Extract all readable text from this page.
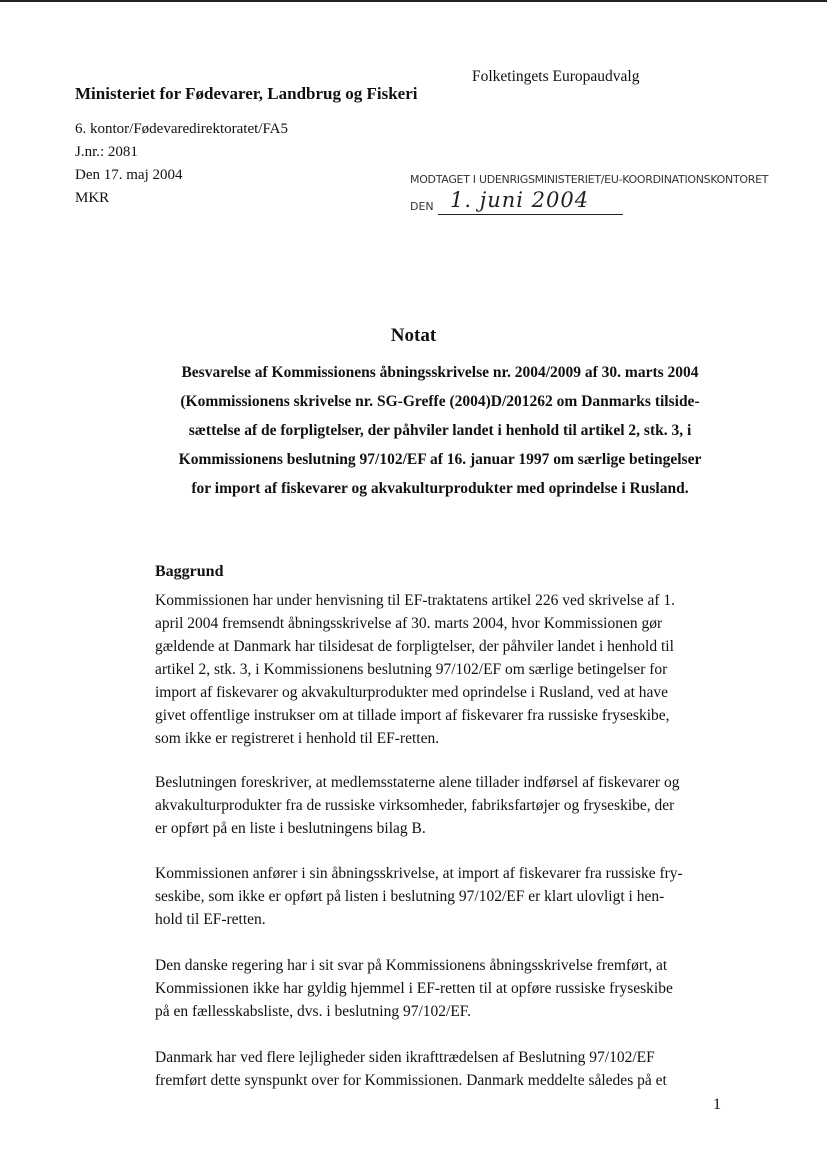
Ministeriet for Fødevarer, Landbrug og Fiskeri
Folketingets Europaudvalg
6. kontor/Fødevaredirektoratet/FA5
J.nr.: 2081
Den 17. maj 2004
MKR
MODTAGET I UDENRIGSMINISTERIET/EU-KOORDINATIONSKONTORET
DEN 1. juni 2004
Notat
Besvarelse af Kommissionens åbningsskrivelse nr. 2004/2009 af 30. marts 2004
(Kommissionens skrivelse nr. SG-Greffe (2004)D/201262 om Danmarks tilside-
sættelse af de forpligtelser, der påhviler landet i henhold til artikel 2, stk. 3, i
Kommissionens beslutning 97/102/EF af 16. januar 1997 om særlige betingelser
for import af fiskevarer og akvakulturprodukter med oprindelse i Rusland.
Baggrund
Kommissionen har under henvisning til EF-traktatens artikel 226 ved skrivelse af 1.
april 2004 fremsendt åbningsskrivelse af 30. marts 2004, hvor Kommissionen gør
gældende at Danmark har tilsidesat de forpligtelser, der påhviler landet i henhold til
artikel 2, stk. 3, i Kommissionens beslutning 97/102/EF om særlige betingelser for
import af fiskevarer og akvakulturprodukter med oprindelse i Rusland, ved at have
givet offentlige instrukser om at tillade import af fiskevarer fra russiske fryseskibe,
som ikke er registreret i henhold til EF-retten.
Beslutningen foreskriver, at medlemsstaterne alene tillader indførsel af fiskevarer og
akvakulturprodukter fra de russiske virksomheder, fabriksfartøjer og fryseskibe, der
er opført på en liste i beslutningens bilag B.
Kommissionen anfører i sin åbningsskrivelse, at import af fiskevarer fra russiske fry-
seskibe, som ikke er opført på listen i beslutning 97/102/EF er klart ulovligt i hen-
hold til EF-retten.
Den danske regering har i sit svar på Kommissionens åbningsskrivelse fremført, at
Kommissionen ikke har gyldig hjemmel i EF-retten til at opføre russiske fryseskibe
på en fællesskabsliste, dvs. i beslutning 97/102/EF.
Danmark har ved flere lejligheder siden ikrafttrædelsen af Beslutning 97/102/EF
fremført dette synspunkt over for Kommissionen. Danmark meddelte således på et
1
